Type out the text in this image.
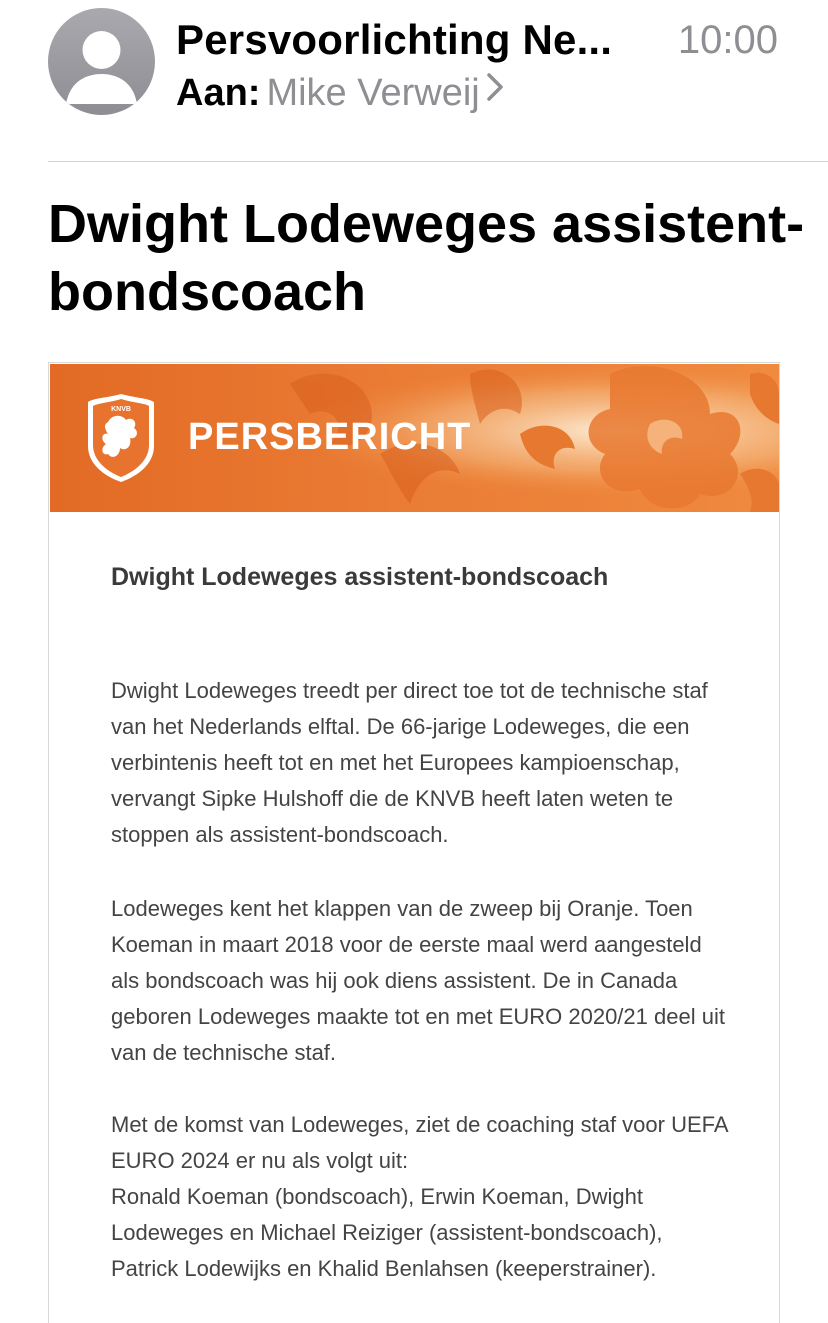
Persvoorlichting Ne...	10:00
Aan: Mike Verweij
Dwight Lodeweges assistent-bondscoach
KNVB
PERSBERICHT

Dwight Lodeweges assistent-bondscoach

Dwight Lodeweges treedt per direct toe tot de technische staf van het Nederlands elftal. De 66-jarige Lodeweges, die een verbintenis heeft tot en met het Europees kampioenschap, vervangt Sipke Hulshoff die de KNVB heeft laten weten te stoppen als assistent-bondscoach.

Lodeweges kent het klappen van de zweep bij Oranje. Toen Koeman in maart 2018 voor de eerste maal werd aangesteld als bondscoach was hij ook diens assistent. De in Canada geboren Lodeweges maakte tot en met EURO 2020/21 deel uit van de technische staf.

Met de komst van Lodeweges, ziet de coaching staf voor UEFA EURO 2024 er nu als volgt uit:

Ronald Koeman (bondscoach), Erwin Koeman, Dwight Lodeweges en Michael Reiziger (assistent-bondscoach), Patrick Lodewijks en Khalid Benlahsen (keeperstrainer).
